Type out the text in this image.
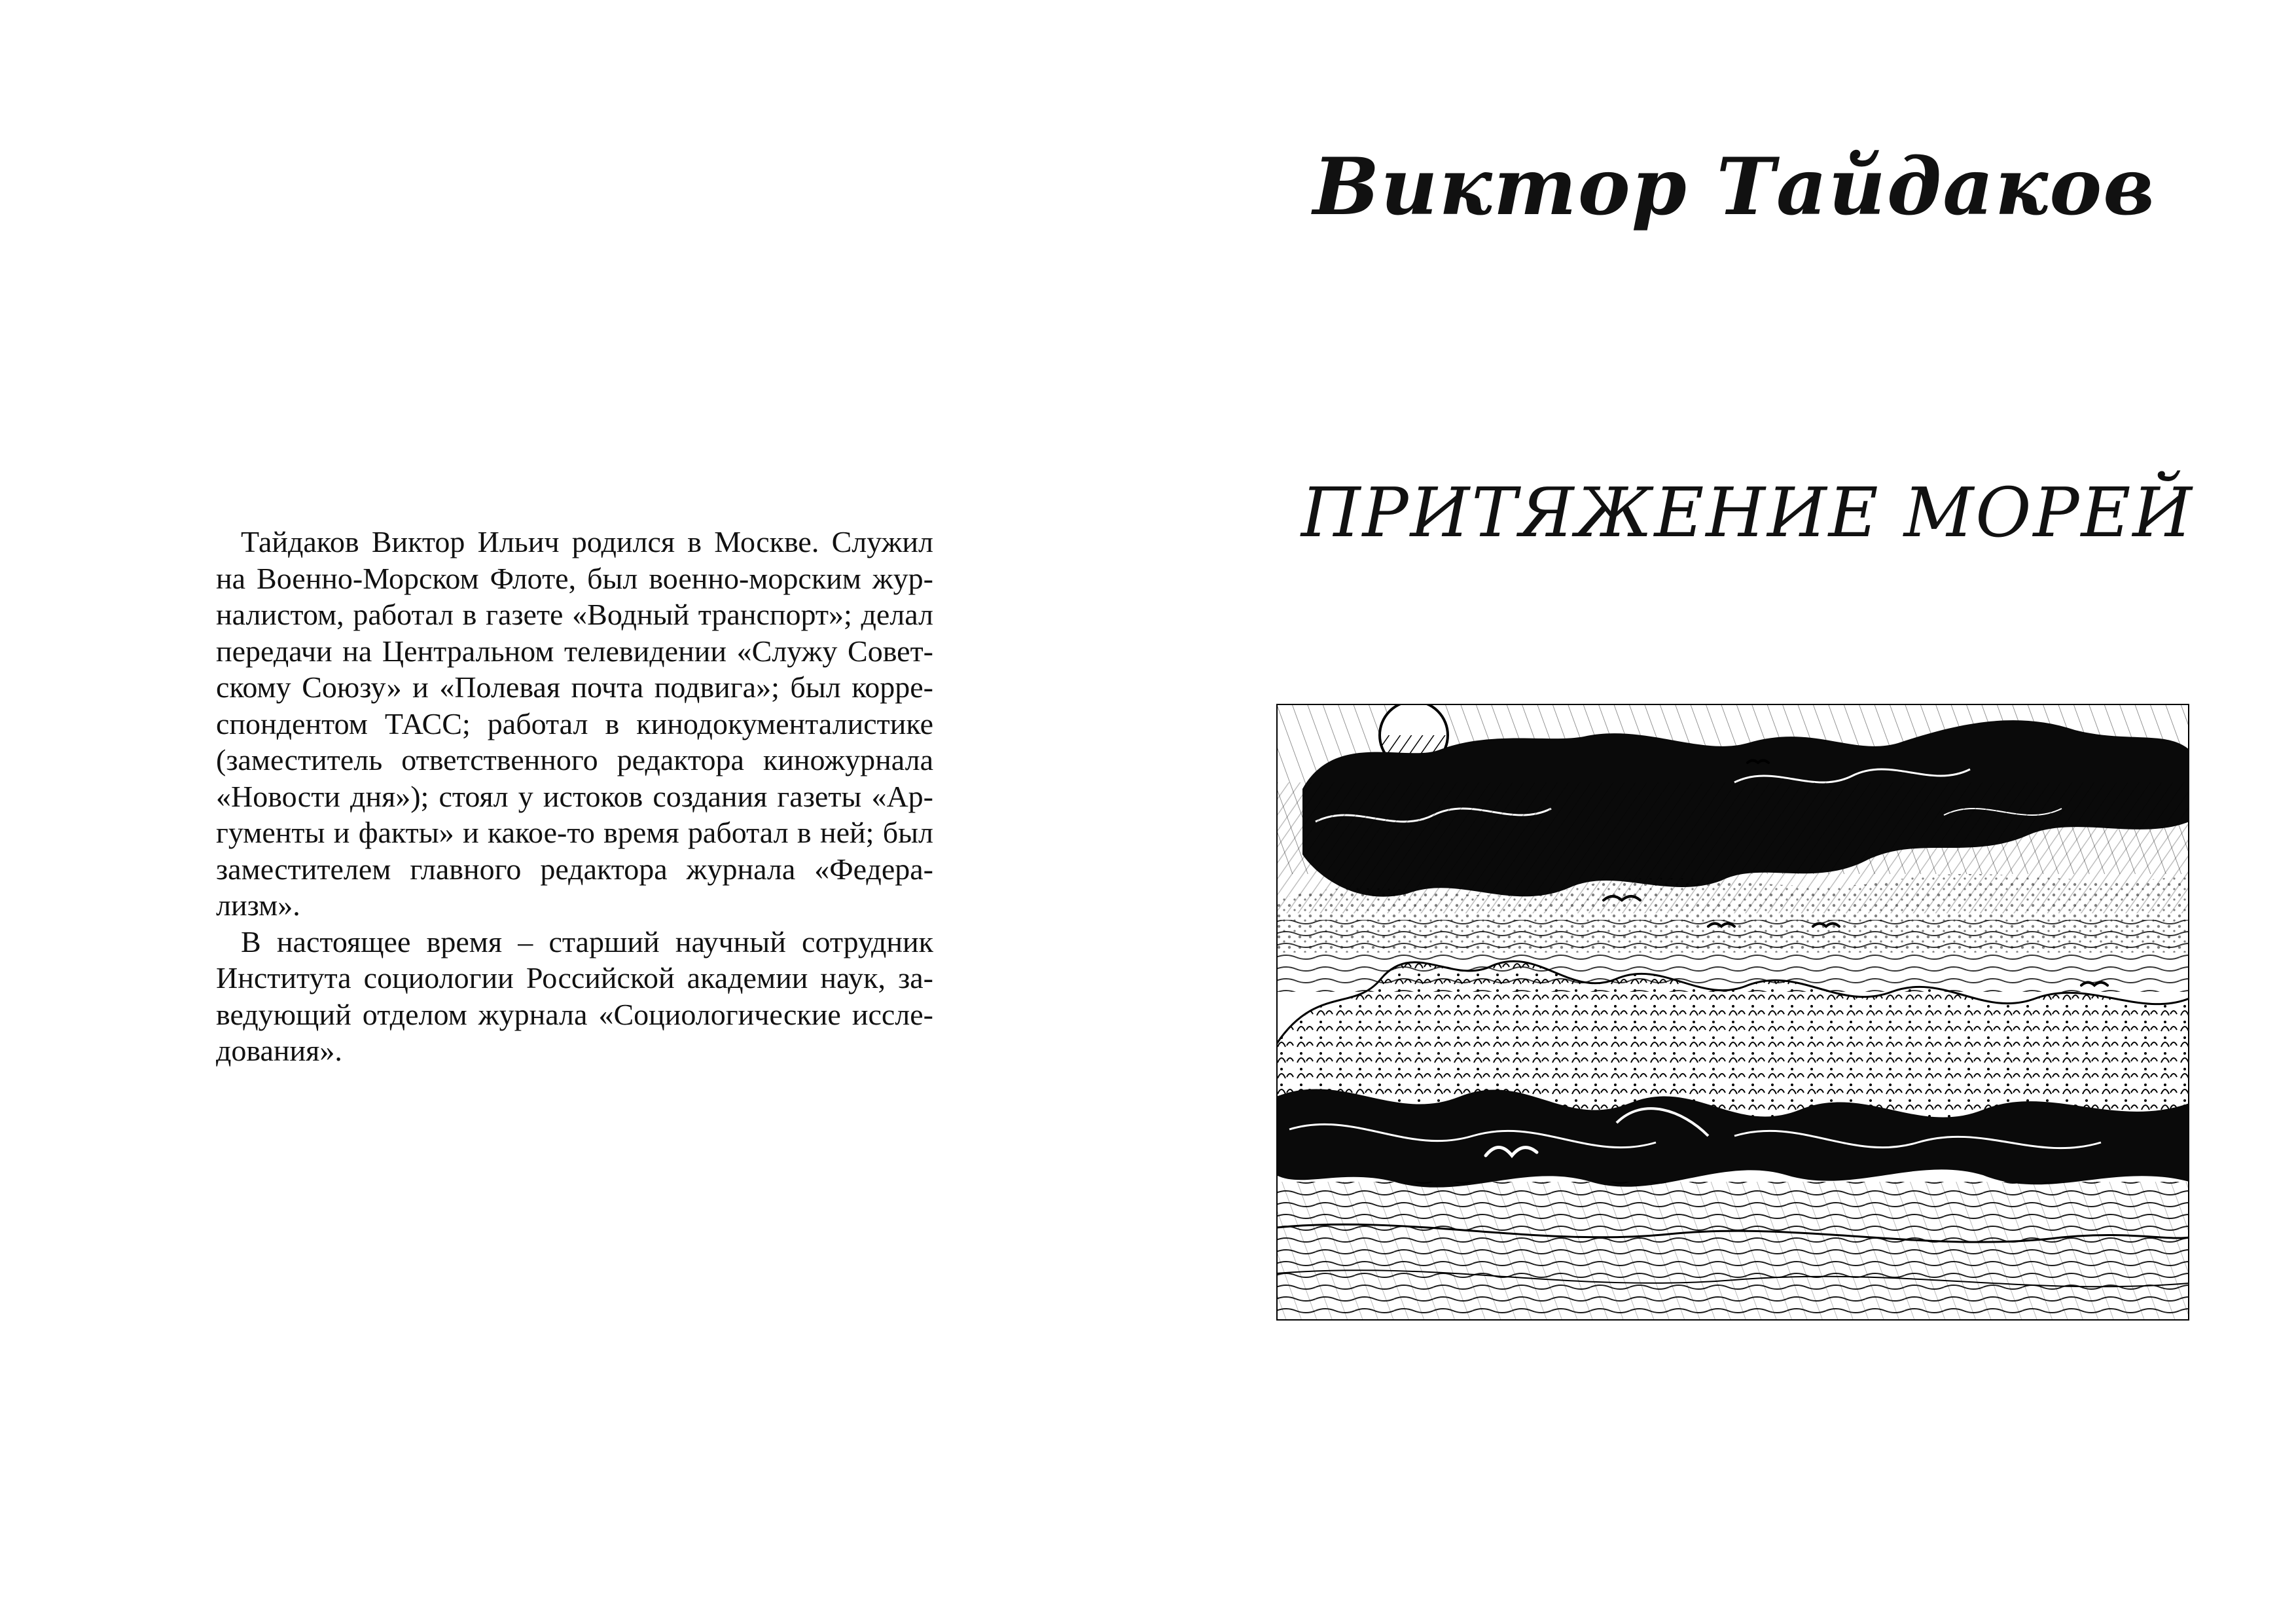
Тайдаков Виктор Ильич родился в Москве. Служил на Военно-Морском Флоте, был военно-морским журналистом, работал в газете «Водный транспорт»; делал передачи на Центральном телевидении «Служу Советскому Союзу» и «Полевая почта подвига»; был корреспондентом ТАСС; работал в кинодокументалистике (заместитель ответственного редактора киножурнала «Новости дня»); стоял у истоков создания газеты «Аргументы и факты» и какое-то время работал в ней; был заместителем главного редактора журнала «Федерализм».

В настоящее время – старший научный сотрудник Института социологии Российской академии наук, заведующий отделом журнала «Социологические исследования».

Виктор Тайдаков
ПРИТЯЖЕНИЕ МОРЕЙ
